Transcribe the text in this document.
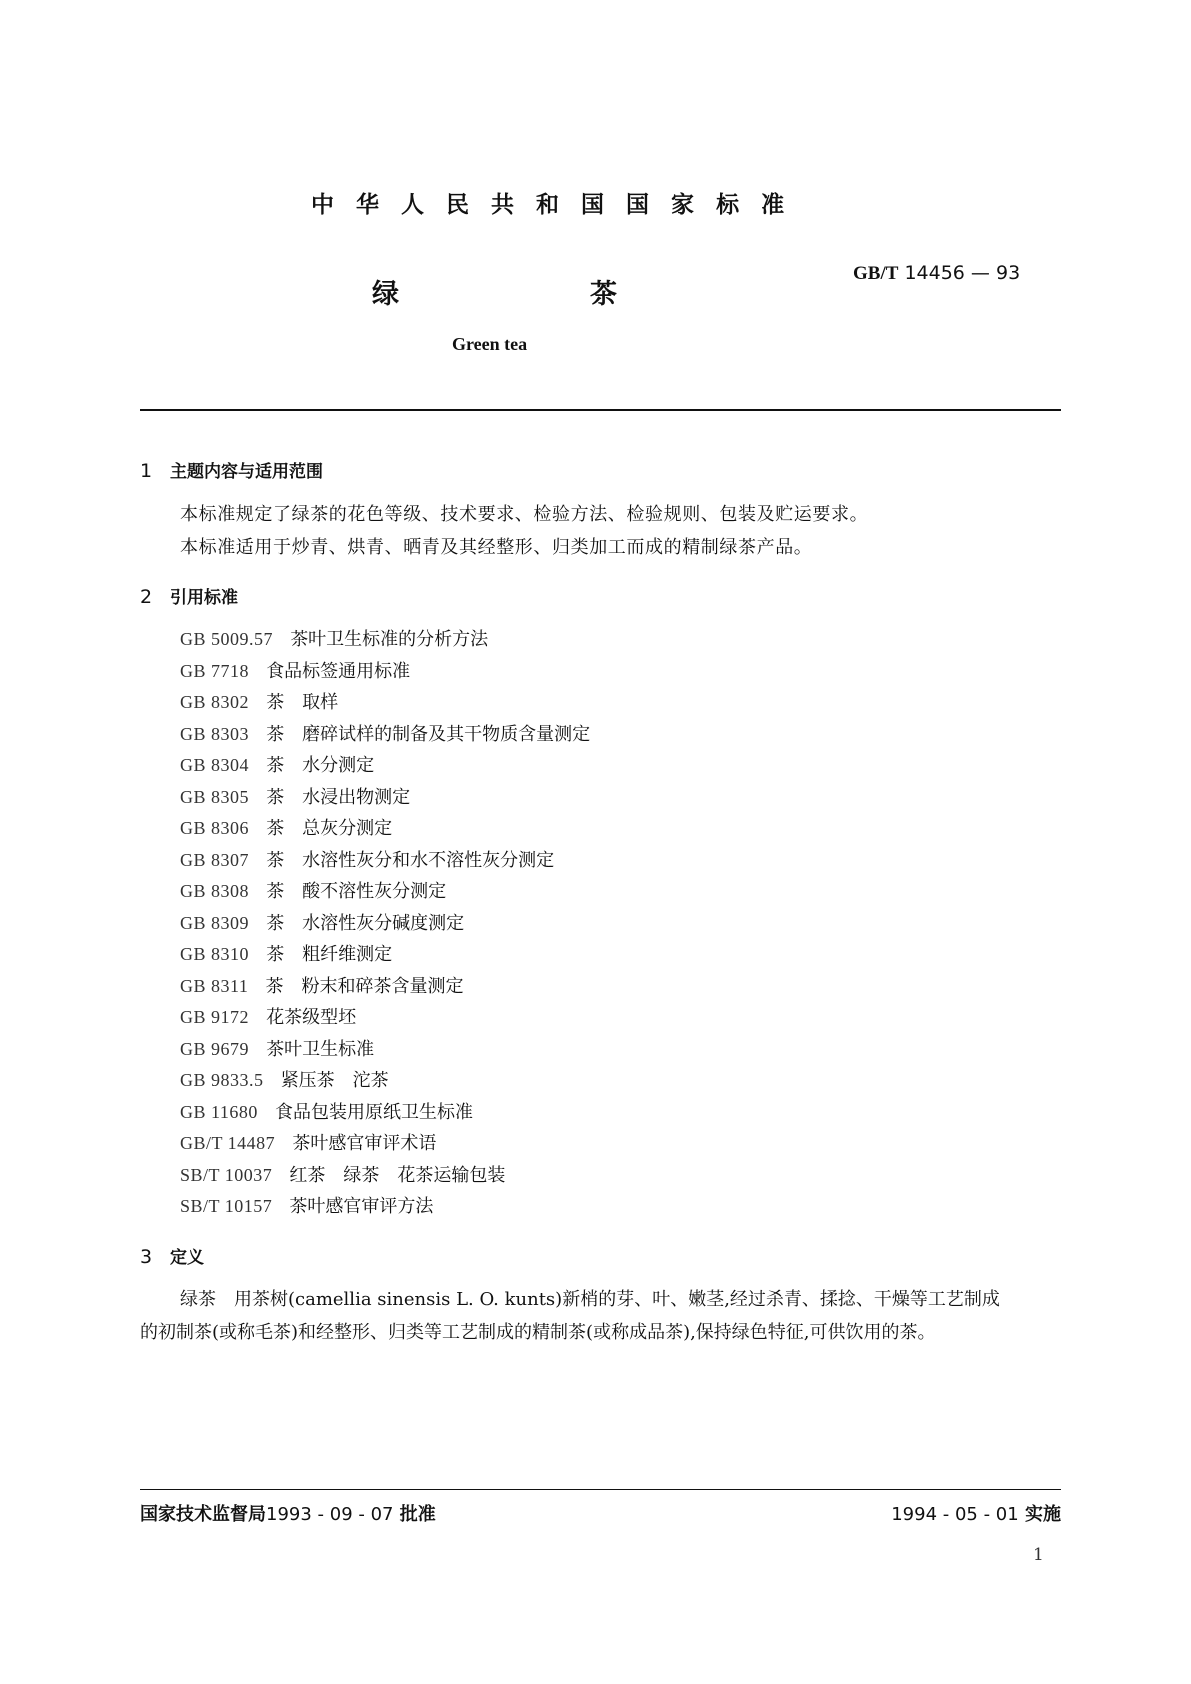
中 华 人 民 共 和 国 国 家 标 准
绿	茶
GB/T 14456 — 93
Green tea
1 主题内容与适用范围
本标准规定了绿茶的花色等级、技术要求、检验方法、检验规则、包装及贮运要求。
本标准适用于炒青、烘青、晒青及其经整形、归类加工而成的精制绿茶产品。
2 引用标准
GB 5009.57 茶叶卫生标准的分析方法
GB 7718 食品标签通用标准
GB 8302 茶　取样
GB 8303 茶　磨碎试样的制备及其干物质含量测定
GB 8304 茶　水分测定
GB 8305 茶　水浸出物测定
GB 8306 茶　总灰分测定
GB 8307 茶　水溶性灰分和水不溶性灰分测定
GB 8308 茶　酸不溶性灰分测定
GB 8309 茶　水溶性灰分碱度测定
GB 8310 茶　粗纤维测定
GB 8311 茶　粉末和碎茶含量测定
GB 9172 花茶级型坯
GB 9679 茶叶卫生标准
GB 9833.5 紧压茶　沱茶
GB 11680 食品包装用原纸卫生标准
GB/T 14487 茶叶感官审评术语
SB/T 10037 红茶　绿茶　花茶运输包装
SB/T 10157 茶叶感官审评方法
3 定义
绿茶　用茶树(camellia sinensis L. O. kunts)新梢的芽、叶、嫩茎,经过杀青、揉捻、干燥等工艺制成
的初制茶(或称毛茶)和经整形、归类等工艺制成的精制茶(或称成品茶),保持绿色特征,可供饮用的茶。
国家技术监督局1993 - 09 - 07 批准	1994 - 05 - 01 实施
1
